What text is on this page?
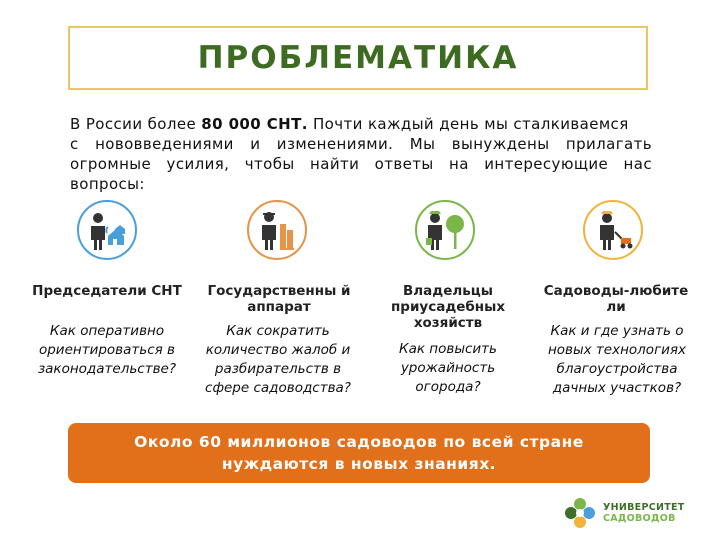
ПРОБЛЕМАТИКА

В России более 80 000 СНТ. Почти каждый день мы сталкиваемся

с нововведениями и изменениями. Мы вынуждены прилагать огромные усилия, чтобы найти ответы на интересующие нас вопросы:

Председатели СНТ	Государственны й аппарат
Владельцы приусадебных хозяйств
Садоводы-любите ли
Как оперативно ориентироваться в законодательстве?
Как сократить количество жалоб и разбирательств в сфере садоводства?
Как повысить урожайность огорода?
Как и где узнать о новых технологиях благоустройства дачных участков?
Около 60 миллионов садоводов по всей стране нуждаются в новых знаниях.
УНИВЕРСИТЕТ
САДОВОДОВ
